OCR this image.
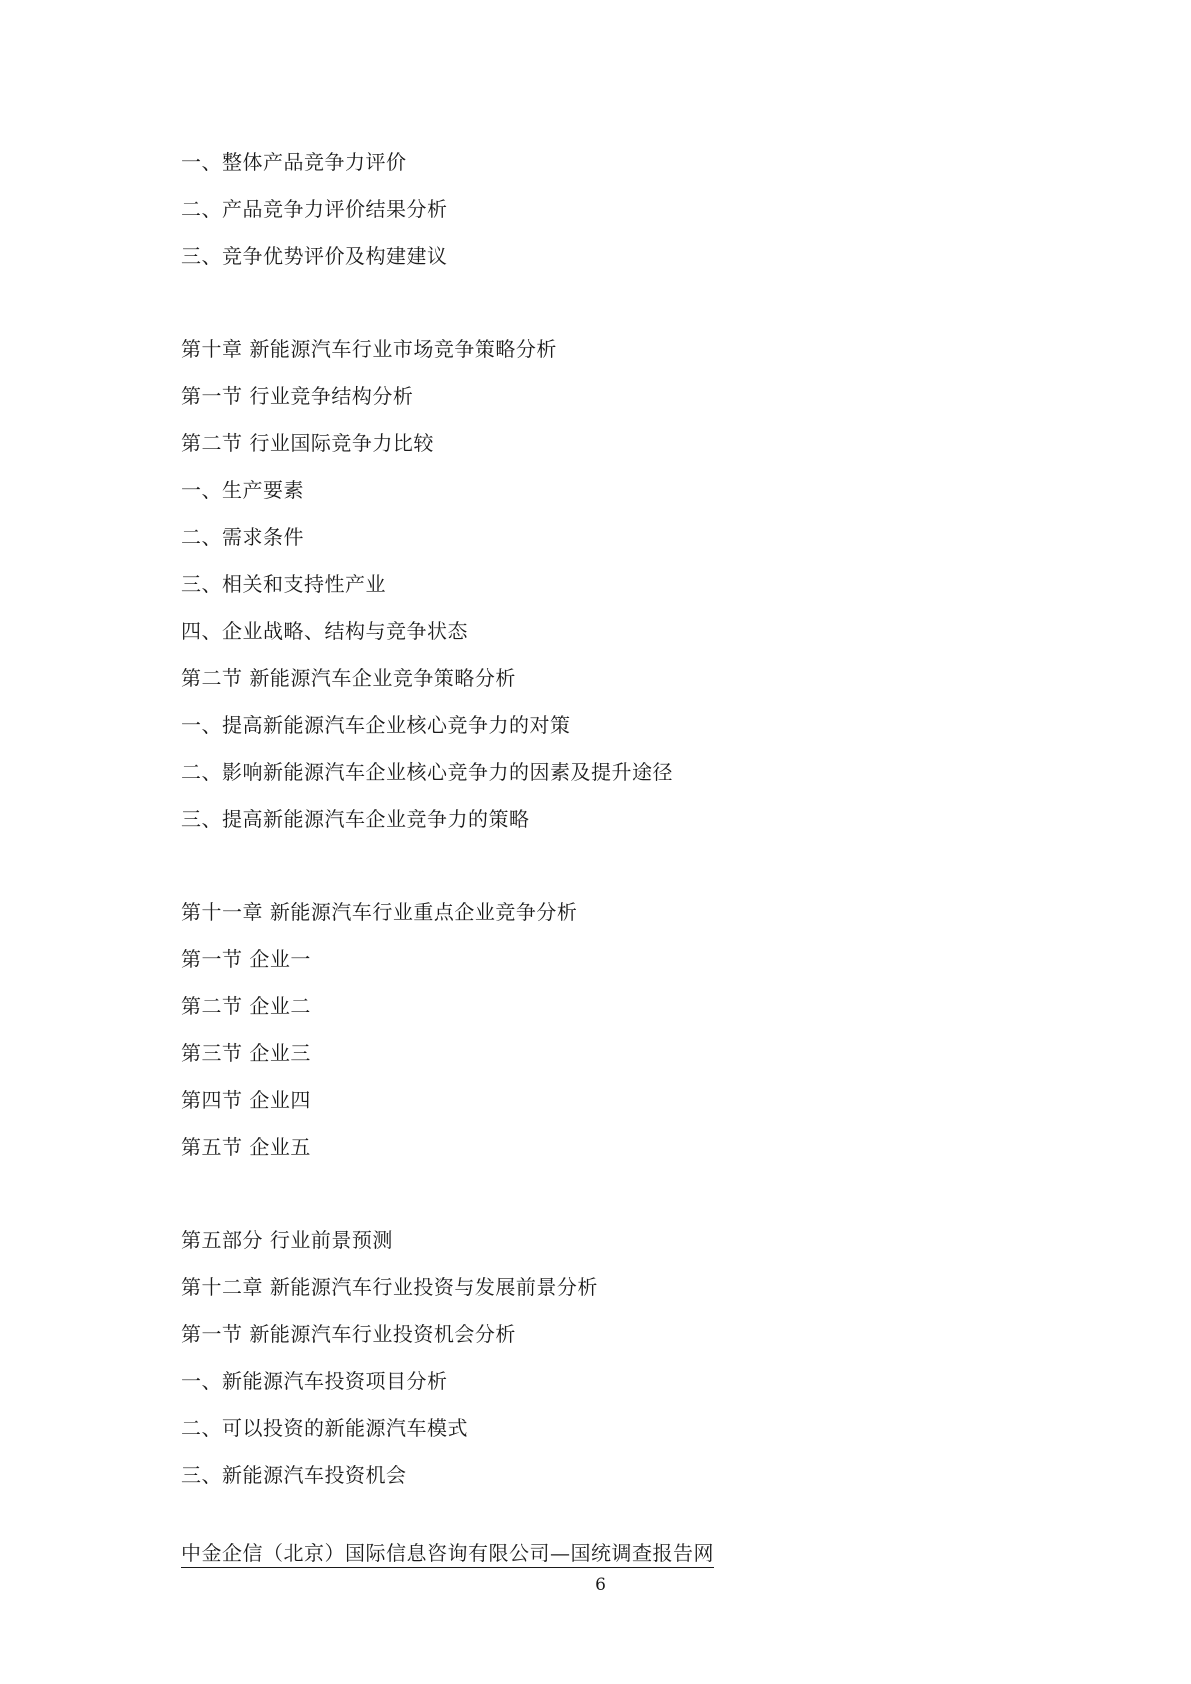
一、整体产品竞争力评价
二、产品竞争力评价结果分析
三、竞争优势评价及构建建议
第十章 新能源汽车行业市场竞争策略分析
第一节 行业竞争结构分析
第二节 行业国际竞争力比较
一、生产要素
二、需求条件
三、相关和支持性产业
四、企业战略、结构与竞争状态
第二节 新能源汽车企业竞争策略分析
一、提高新能源汽车企业核心竞争力的对策
二、影响新能源汽车企业核心竞争力的因素及提升途径
三、提高新能源汽车企业竞争力的策略
第十一章 新能源汽车行业重点企业竞争分析
第一节 企业一
第二节 企业二
第三节 企业三
第四节 企业四
第五节 企业五
第五部分 行业前景预测
第十二章 新能源汽车行业投资与发展前景分析
第一节 新能源汽车行业投资机会分析
一、新能源汽车投资项目分析
二、可以投资的新能源汽车模式
三、新能源汽车投资机会
中金企信（北京）国际信息咨询有限公司—国统调查报告网
6
